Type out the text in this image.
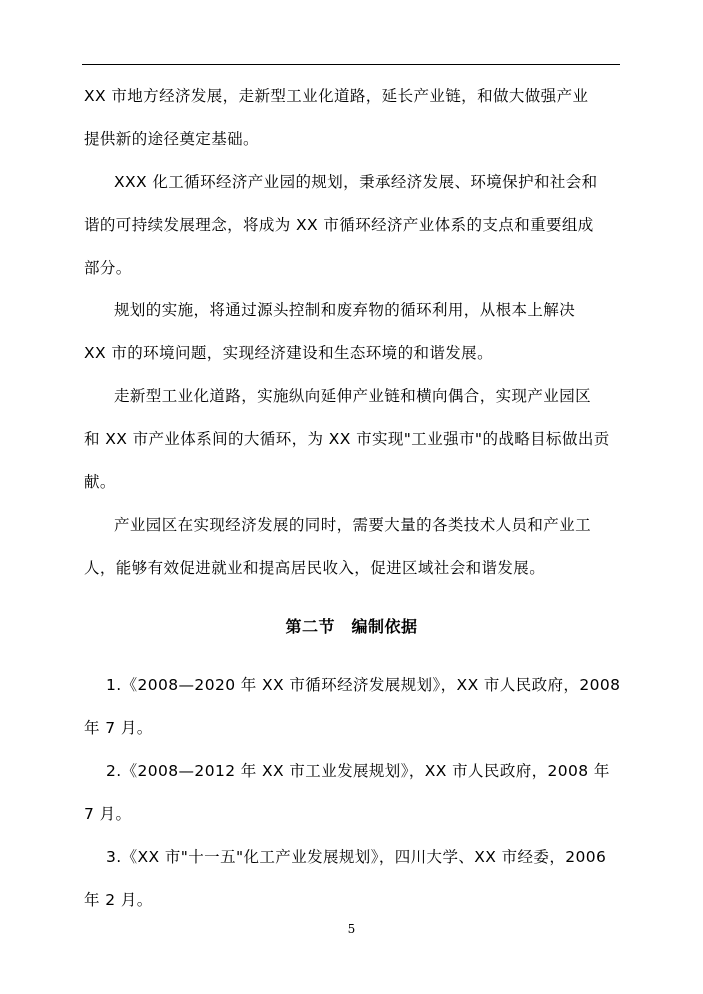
XX 市地方经济发展，走新型工业化道路，延长产业链，和做大做强产业
提供新的途径奠定基础。
XXX 化工循环经济产业园的规划，秉承经济发展、环境保护和社会和
谐的可持续发展理念，将成为 XX 市循环经济产业体系的支点和重要组成
部分。
规划的实施，将通过源头控制和废弃物的循环利用，从根本上解决
XX 市的环境问题，实现经济建设和生态环境的和谐发展。
走新型工业化道路，实施纵向延伸产业链和横向偶合，实现产业园区
和 XX 市产业体系间的大循环，为 XX 市实现"工业强市"的战略目标做出贡
献。
产业园区在实现经济发展的同时，需要大量的各类技术人员和产业工
人，能够有效促进就业和提高居民收入，促进区域社会和谐发展。
第二节　编制依据
1.《2008—2020 年 XX 市循环经济发展规划》，XX 市人民政府，2008
年 7 月。
2.《2008—2012 年 XX 市工业发展规划》，XX 市人民政府，2008 年
7 月。
3.《XX 市"十一五"化工产业发展规划》，四川大学、XX 市经委，2006
年 2 月。
5
